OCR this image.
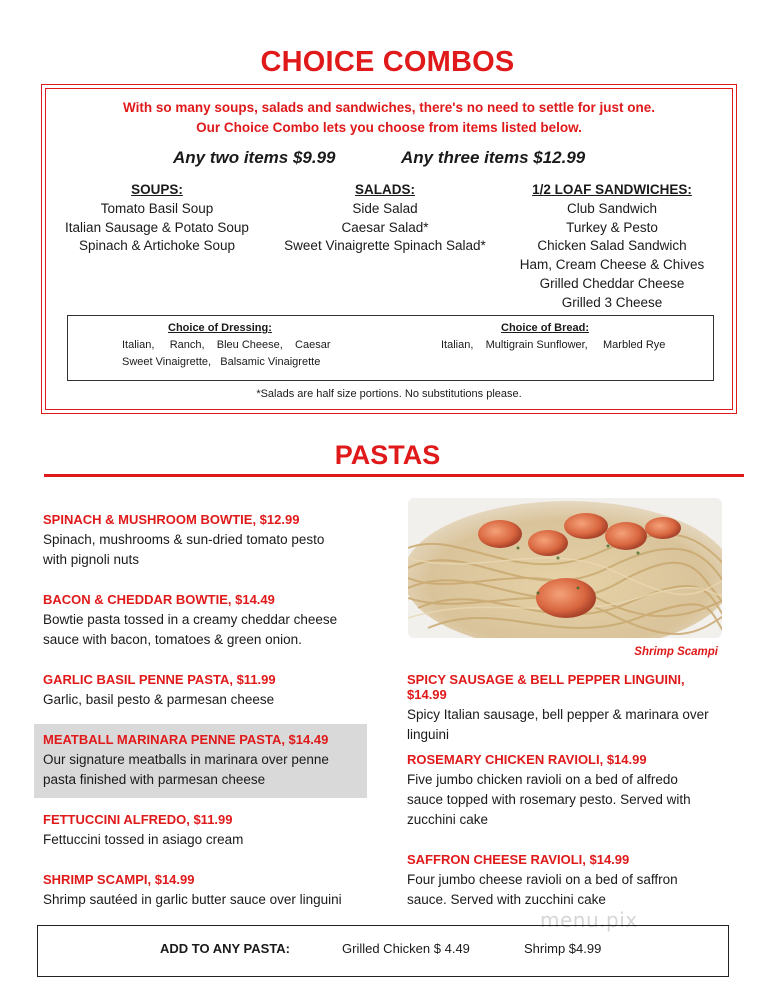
CHOICE COMBOS
With so many soups, salads and sandwiches, there's no need to settle for just one.
Our Choice Combo lets you choose from items listed below.
Any two items $9.99	Any three items $12.99
SOUPS:
Tomato Basil Soup
Italian Sausage & Potato Soup
Spinach & Artichoke Soup
SALADS:
Side Salad
Caesar Salad*
Sweet Vinaigrette Spinach Salad*
1/2 LOAF SANDWICHES:
Club Sandwich
Turkey & Pesto
Chicken Salad Sandwich
Ham, Cream Cheese & Chives
Grilled Cheddar Cheese
Grilled 3 Cheese
Choice of Dressing:
Italian,     Ranch,    Bleu Cheese,    Caesar
Sweet Vinaigrette,   Balsamic Vinaigrette
Choice of Bread:
Italian,    Multigrain Sunflower,     Marbled Rye
*Salads are half size portions. No substitutions please.
PASTAS
SPINACH & MUSHROOM BOWTIE, $12.99
Spinach, mushrooms & sun-dried tomato pesto
with pignoli nuts
BACON & CHEDDAR BOWTIE, $14.49
Bowtie pasta tossed in a creamy cheddar cheese
sauce with bacon, tomatoes & green onion.
GARLIC BASIL PENNE PASTA, $11.99
Garlic, basil pesto & parmesan cheese
MEATBALL MARINARA PENNE PASTA, $14.49
Our signature meatballs in marinara over penne
pasta finished with parmesan cheese
FETTUCCINI ALFREDO, $11.99
Fettuccini tossed in asiago cream
SHRIMP SCAMPI, $14.99
Shrimp sautéed in garlic butter sauce over linguini
Shrimp Scampi
SPICY SAUSAGE & BELL PEPPER LINGUINI, $14.99
Spicy Italian sausage, bell pepper & marinara over
linguini
ROSEMARY CHICKEN RAVIOLI, $14.99
Five jumbo chicken ravioli on a bed of alfredo
sauce topped with rosemary pesto. Served with
zucchini cake
SAFFRON CHEESE RAVIOLI, $14.99
Four jumbo cheese ravioli on a bed of saffron
sauce. Served with zucchini cake
menu.pix
ADD TO ANY PASTA:	Grilled Chicken $ 4.49	Shrimp $4.99
